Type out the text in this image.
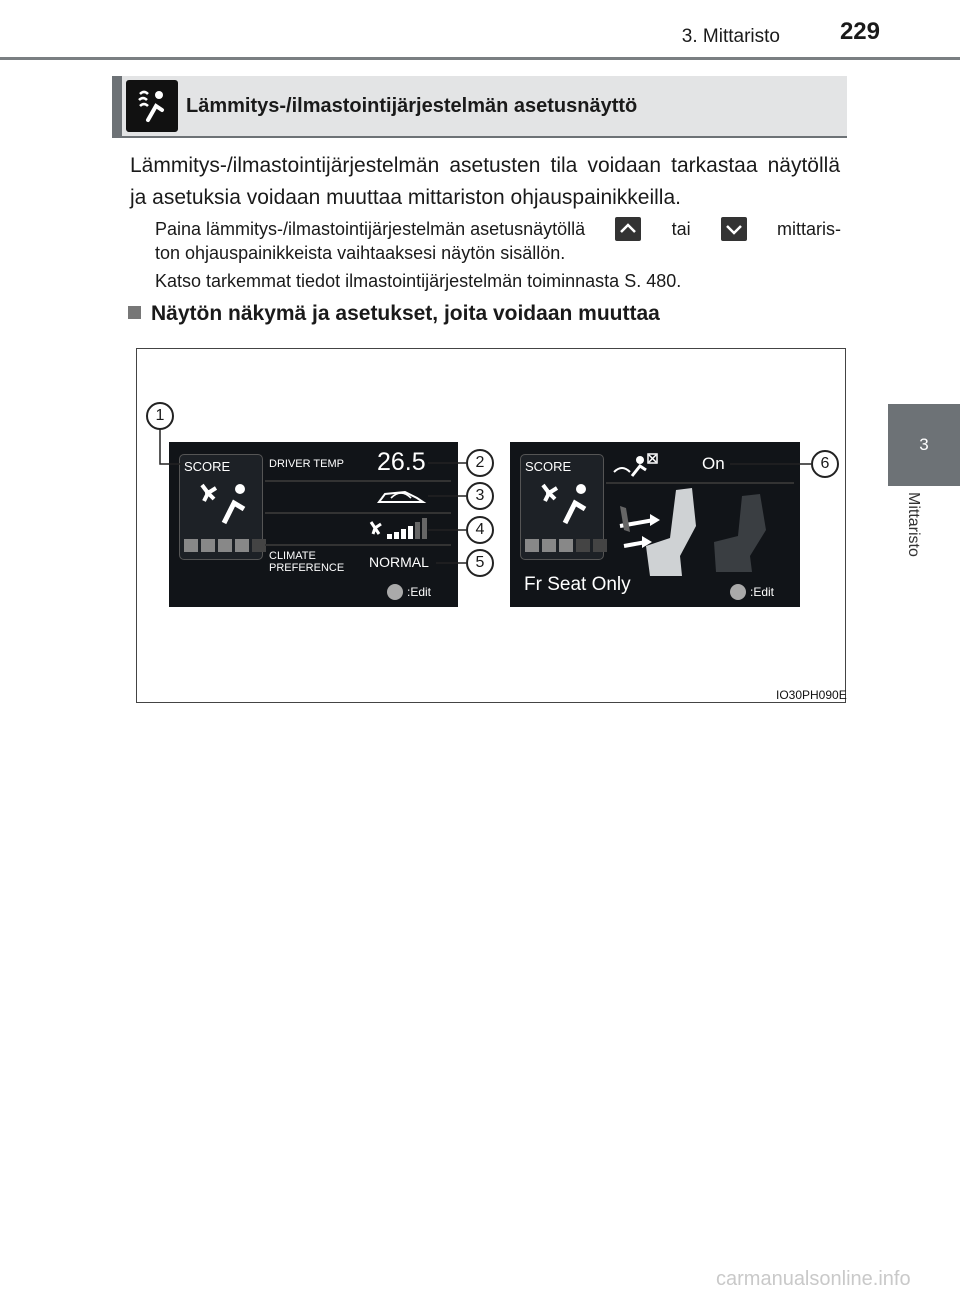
3. Mittaristo	229
3
Mittaristo
Lämmitys-/ilmastointijärjestelmän asetusnäyttö
Lämmitys-/ilmastointijärjestelmän asetusten tila voidaan tarkastaa näytöllä ja asetuksia voidaan muuttaa mittariston ohjauspainikkeilla.
Paina lämmitys-/ilmastointijärjestelmän asetusnäytöllä	tai	mittaris-
ton ohjauspainikkeista vaihtaaksesi näytön sisällön.
Katso tarkemmat tiedot ilmastointijärjestelmän toiminnasta S. 480.
Näytön näkymä ja asetukset, joita voidaan muuttaa
SCORE	DRIVER TEMP 26.5
CLIMATE
PREFERENCE NORMAL
:Edit
SCORE	On
Fr Seat Only	:Edit
1
2
3
4
5
6
IO30PH090E
carmanualsonline.info
